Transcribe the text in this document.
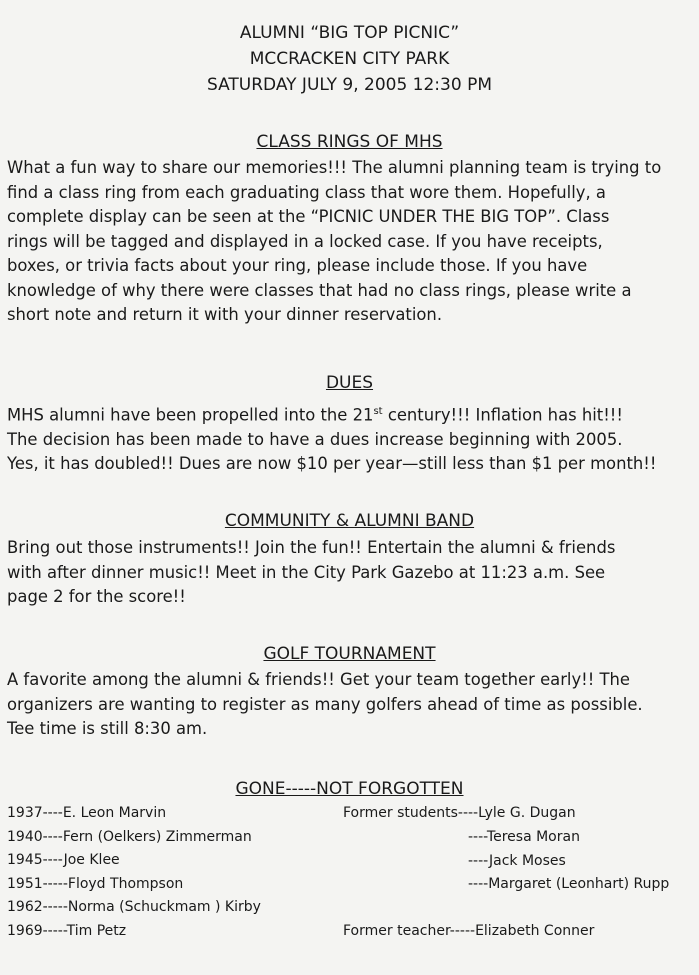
ALUMNI “BIG TOP PICNIC”
MCCRACKEN CITY PARK
SATURDAY JULY 9, 2005 12:30 PM
CLASS RINGS OF MHS

What a fun way to share our memories!!! The alumni planning team is trying to

find a class ring from each graduating class that wore them. Hopefully, a

complete display can be seen at the “PICNIC UNDER THE BIG TOP”. Class

rings will be tagged and displayed in a locked case. If you have receipts,

boxes, or trivia facts about your ring, please include those. If you have

knowledge of why there were classes that had no class rings, please write a

short note and return it with your dinner reservation.

DUES

MHS alumni have been propelled into the 21st century!!! Inflation has hit!!!

The decision has been made to have a dues increase beginning with 2005.

Yes, it has doubled!! Dues are now $10 per year—still less than $1 per month!!

COMMUNITY & ALUMNI BAND

Bring out those instruments!! Join the fun!! Entertain the alumni & friends

with after dinner music!! Meet in the City Park Gazebo at 11:23 a.m. See

page 2 for the score!!

GOLF TOURNAMENT

A favorite among the alumni & friends!! Get your team together early!! The

organizers are wanting to register as many golfers ahead of time as possible.

Tee time is still 8:30 am.

GONE-----NOT FORGOTTEN
1937----E. Leon Marvin
1940----Fern (Oelkers) Zimmerman
1945----Joe Klee
1951-----Floyd Thompson
1962-----Norma (Schuckmam ) Kirby
1969-----Tim Petz
Former students----Lyle G. Dugan
----Teresa Moran
----Jack Moses
----Margaret (Leonhart) Rupp
Former teacher-----Elizabeth Conner
